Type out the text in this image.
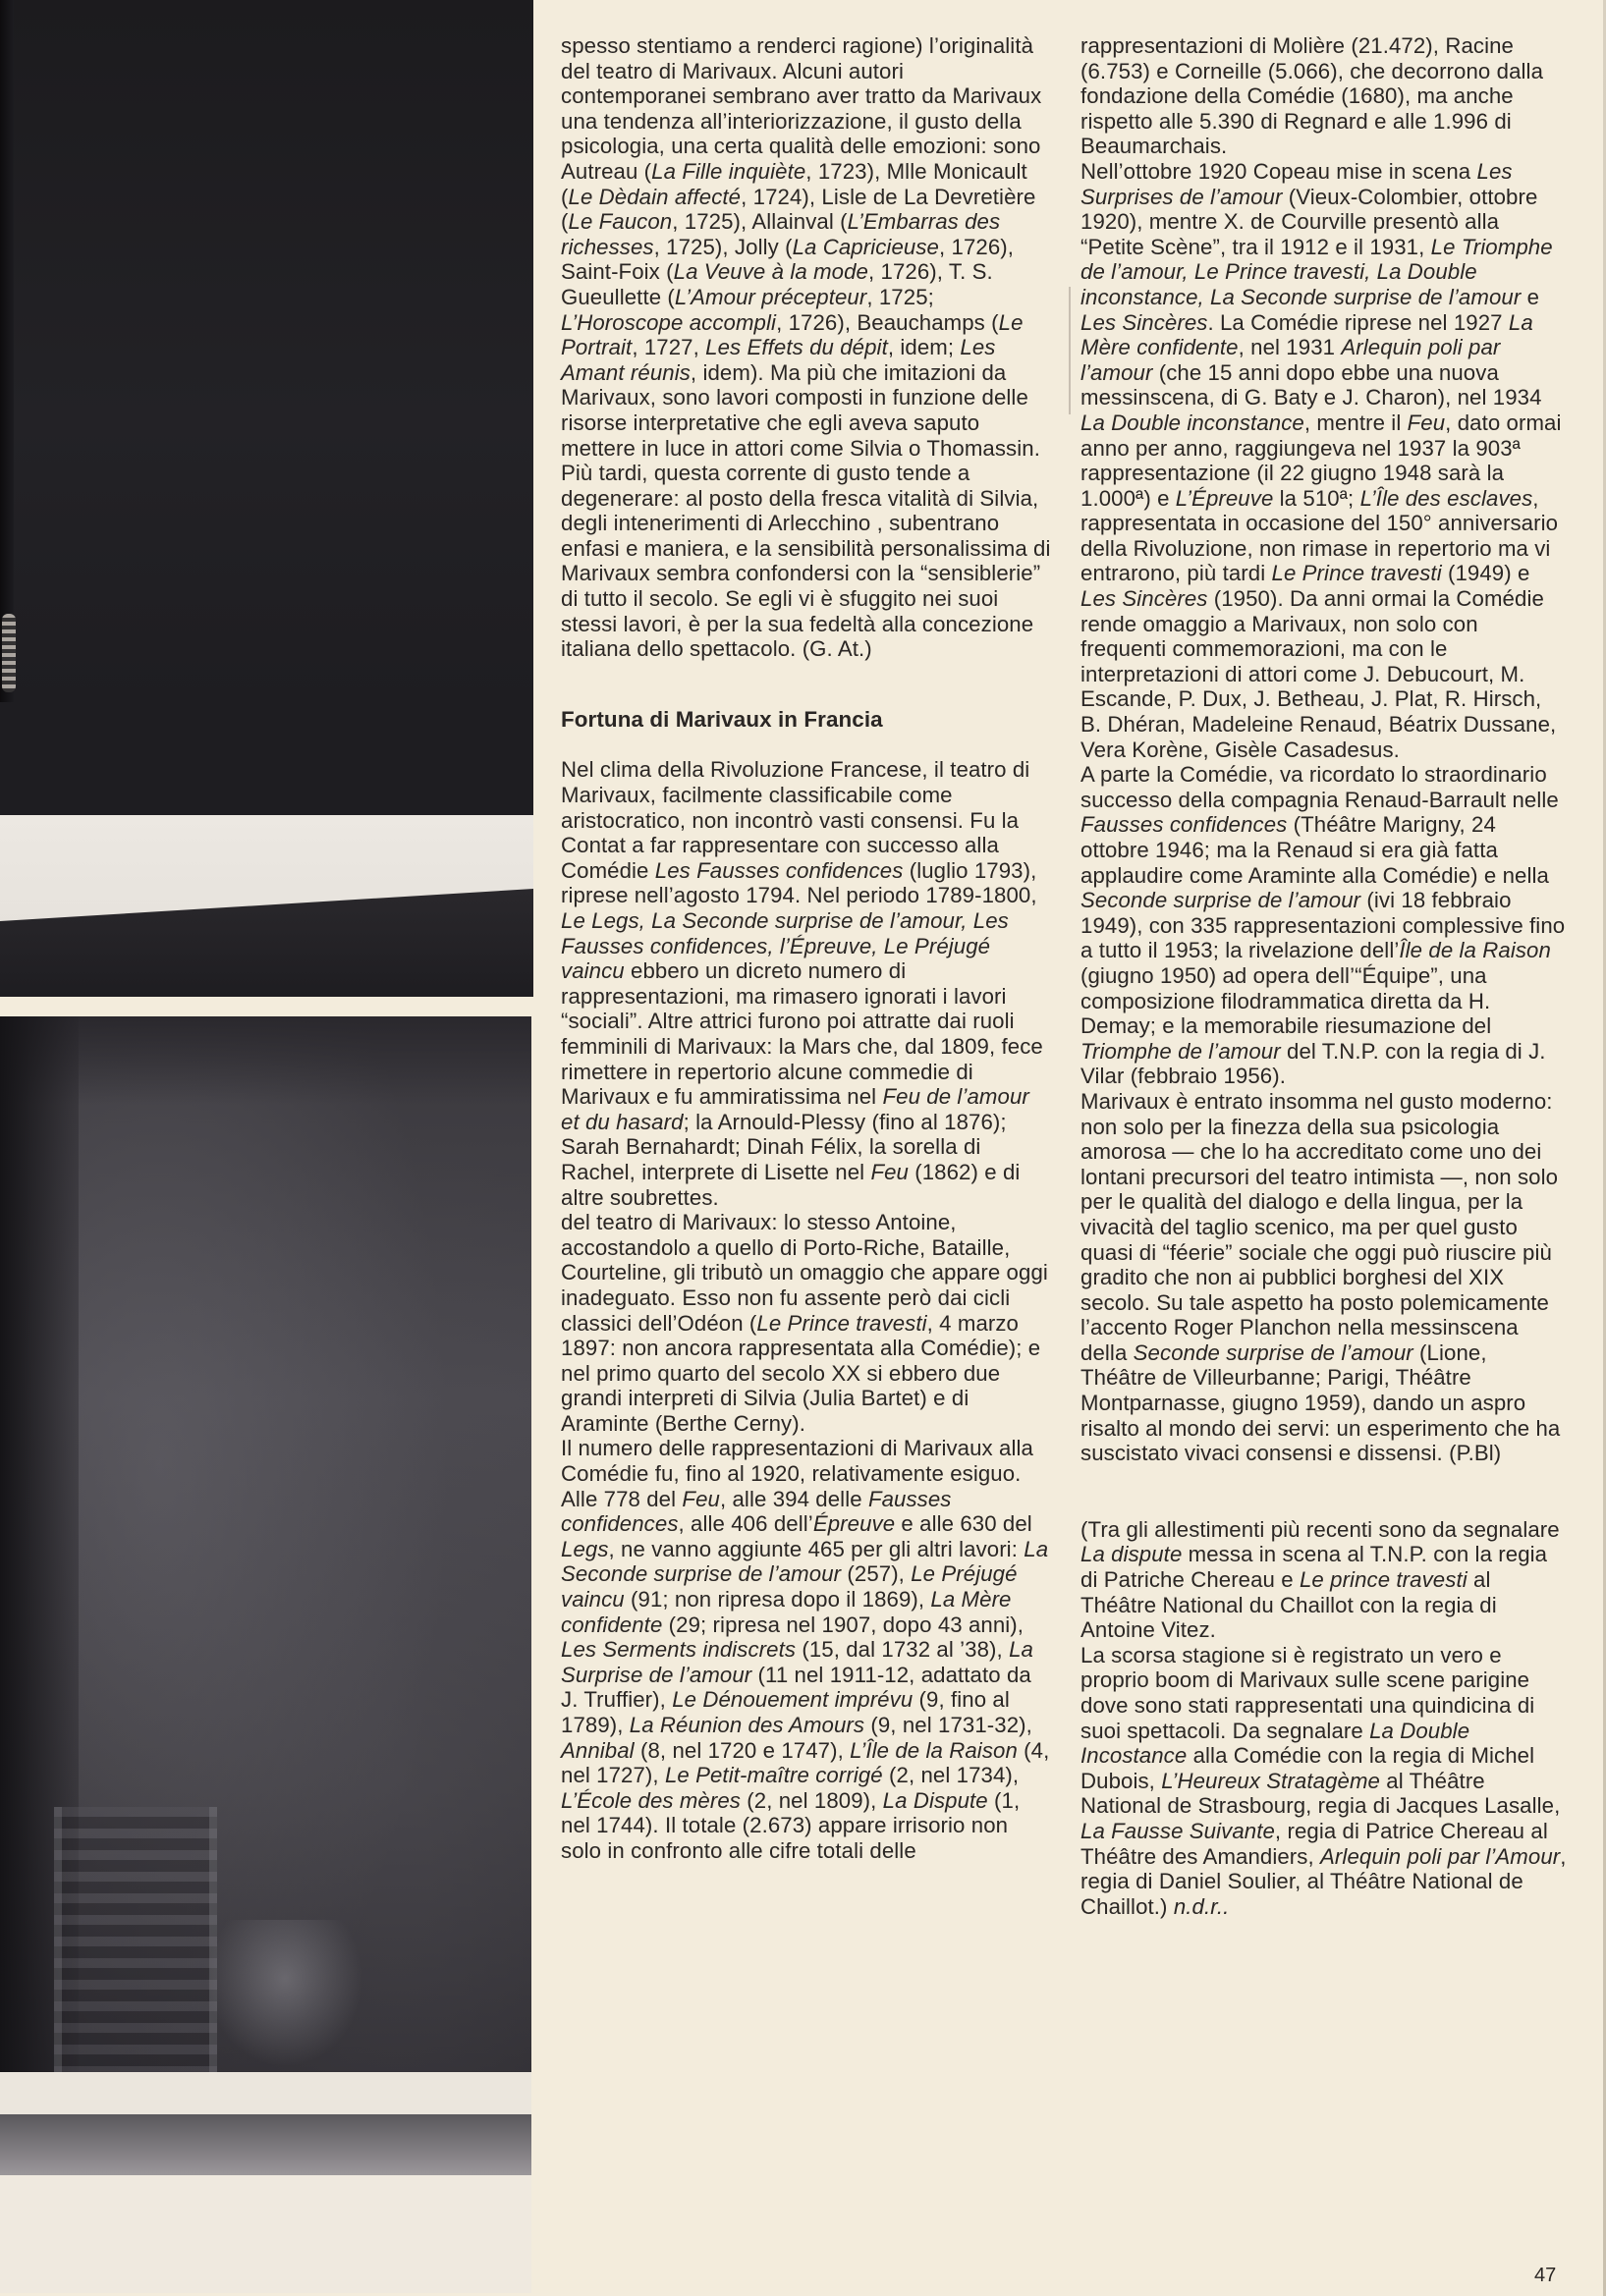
spesso stentiamo a renderci ragione) l’originalità del teatro di Marivaux. Alcuni autori contemporanei sembrano aver tratto da Marivaux una tendenza all’interiorizzazione, il gusto della psicologia, una certa qualità delle emozioni: sono Autreau (La Fille inquiète, 1723), Mlle Monicault (Le Dèdain affecté, 1724), Lisle de La Devretière (Le Faucon, 1725), Allainval (L’Embarras des richesses, 1725), Jolly (La Capricieuse, 1726), Saint-Foix (La Veuve à la mode, 1726), T. S. Gueullette (L’Amour précepteur, 1725; L’Horoscope accompli, 1726), Beauchamps (Le Portrait, 1727, Les Effets du dépit, idem; Les Amant réunis, idem). Ma più che imitazioni da Marivaux, sono lavori composti in funzione delle risorse interpretative che egli aveva saputo mettere in luce in attori come Silvia o Thomassin. Più tardi, questa corrente di gusto tende a degenerare: al posto della fresca vitalità di Silvia, degli intenerimenti di Arlecchino , subentrano enfasi e maniera, e la sensibilità personalissima di Marivaux sembra confondersi con la “sensiblerie” di tutto il secolo. Se egli vi è sfuggito nei suoi stessi lavori, è per la sua fedeltà alla concezione italiana dello spettacolo. (G. At.)

Fortuna di Marivaux in Francia

Nel clima della Rivoluzione Francese, il teatro di Marivaux, facilmente classificabile come aristocratico, non incontrò vasti consensi. Fu la Contat a far rappresentare con successo alla Comédie Les Fausses confidences (luglio 1793), riprese nell’agosto 1794. Nel periodo 1789-1800, Le Legs, La Seconde surprise de l’amour, Les Fausses confidences, l’Épreuve, Le Préjugé vaincu ebbero un dicreto numero di rappresentazioni, ma rimasero ignorati i lavori “sociali”. Altre attrici furono poi attratte dai ruoli femminili di Marivaux: la Mars che, dal 1809, fece rimettere in repertorio alcune commedie di Marivaux e fu ammiratissima nel Feu de l’amour et du hasard; la Arnould-Plessy (fino al 1876); Sarah Bernahardt; Dinah Félix, la sorella di Rachel, interprete di Lisette nel Feu (1862) e di altre soubrettes.

del teatro di Marivaux: lo stesso Antoine, accostandolo a quello di Porto-Riche, Bataille, Courteline, gli tributò un omaggio che appare oggi inadeguato. Esso non fu assente però dai cicli classici dell’Odéon (Le Prince travesti, 4 marzo 1897: non ancora rappresentata alla Comédie); e nel primo quarto del secolo XX si ebbero due grandi interpreti di Silvia (Julia Bartet) e di Araminte (Berthe Cerny).

Il numero delle rappresentazioni di Marivaux alla Comédie fu, fino al 1920, relativamente esiguo. Alle 778 del Feu, alle 394 delle Fausses confidences, alle 406 dell’Épreuve e alle 630 del Legs, ne vanno aggiunte 465 per gli altri lavori: La Seconde surprise de l’amour (257), Le Préjugé vaincu (91; non ripresa dopo il 1869), La Mère confidente (29; ripresa nel 1907, dopo 43 anni), Les Serments indiscrets (15, dal 1732 al ’38), La Surprise de l’amour (11 nel 1911-12, adattato da J. Truffier), Le Dénouement imprévu (9, fino al 1789), La Réunion des Amours (9, nel 1731-32), Annibal (8, nel 1720 e 1747), L’Île de la Raison (4, nel 1727), Le Petit-maître corrigé (2, nel 1734), L’École des mères (2, nel 1809), La Dispute (1, nel 1744). Il totale (2.673) appare irrisorio non solo in confronto alle cifre totali delle

rappresentazioni di Molière (21.472), Racine (6.753) e Corneille (5.066), che decorrono dalla fondazione della Comédie (1680), ma anche rispetto alle 5.390 di Regnard e alle 1.996 di Beaumarchais.

Nell’ottobre 1920 Copeau mise in scena Les Surprises de l’amour (Vieux-Colombier, ottobre 1920), mentre X. de Courville presentò alla “Petite Scène”, tra il 1912 e il 1931, Le Triomphe de l’amour, Le Prince travesti, La Double inconstance, La Seconde surprise de l’amour e Les Sincères. La Comédie riprese nel 1927 La Mère confidente, nel 1931 Arlequin poli par l’amour (che 15 anni dopo ebbe una nuova messinscena, di G. Baty e J. Charon), nel 1934 La Double inconstance, mentre il Feu, dato ormai anno per anno, raggiungeva nel 1937 la 903ª rappresentazione (il 22 giugno 1948 sarà la 1.000ª) e L’Épreuve la 510ª; L’Île des esclaves, rappresentata in occasione del 150° anniversario della Rivoluzione, non rimase in repertorio ma vi entrarono, più tardi Le Prince travesti (1949) e Les Sincères (1950). Da anni ormai la Comédie rende omaggio a Marivaux, non solo con frequenti commemorazioni, ma con le interpretazioni di attori come J. Debucourt, M. Escande, P. Dux, J. Betheau, J. Plat, R. Hirsch, B. Dhéran, Madeleine Renaud, Béatrix Dussane, Vera Korène, Gisèle Casadesus.

A parte la Comédie, va ricordato lo straordinario successo della compagnia Renaud-Barrault nelle Fausses confidences (Théâtre Marigny, 24 ottobre 1946; ma la Renaud si era già fatta applaudire come Araminte alla Comédie) e nella Seconde surprise de l’amour (ivi 18 febbraio 1949), con 335 rappresentazioni complessive fino a tutto il 1953; la rivelazione dell’Île de la Raison (giugno 1950) ad opera dell’“Équipe”, una composizione filodrammatica diretta da H. Demay; e la memorabile riesumazione del Triomphe de l’amour del T.N.P. con la regia di J. Vilar (febbraio 1956).

Marivaux è entrato insomma nel gusto moderno: non solo per la finezza della sua psicologia amorosa — che lo ha accreditato come uno dei lontani precursori del teatro intimista —, non solo per le qualità del dialogo e della lingua, per la vivacità del taglio scenico, ma per quel gusto quasi di “féerie” sociale che oggi può riuscire più gradito che non ai pubblici borghesi del XIX secolo. Su tale aspetto ha posto polemicamente l’accento Roger Planchon nella messinscena della Seconde surprise de l’amour (Lione, Théâtre de Villeurbanne; Parigi, Théâtre Montparnasse, giugno 1959), dando un aspro risalto al mondo dei servi: un esperimento che ha suscistato vivaci consensi e dissensi. (P.Bl)

(Tra gli allestimenti più recenti sono da segnalare La dispute messa in scena al T.N.P. con la regia di Patriche Chereau e Le prince travesti al Théâtre National du Chaillot con la regia di Antoine Vitez.

La scorsa stagione si è registrato un vero e proprio boom di Marivaux sulle scene parigine dove sono stati rappresentati una quindicina di suoi spettacoli. Da segnalare La Double Incostance alla Comédie con la regia di Michel Dubois, L’Heureux Stratagème al Théâtre National de Strasbourg, regia di Jacques Lasalle, La Fausse Suivante, regia di Patrice Chereau al Théâtre des Amandiers, Arlequin poli par l’Amour, regia di Daniel Soulier, al Théâtre National de Chaillot.) n.d.r..

47
